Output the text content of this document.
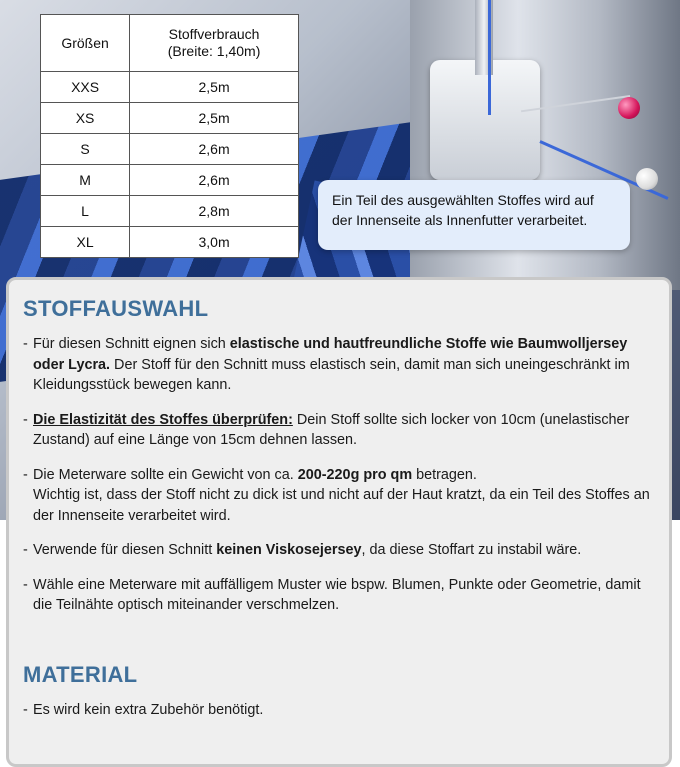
Größen	Stoffverbrauch
(Breite: 1,40m)
XXS	2,5m
XS	2,5m
S	2,6m
M	2,6m
L	2,8m
XL	3,0m
Ein Teil des ausgewählten Stoffes wird auf der Innenseite als Innenfutter verarbeitet.
STOFFAUSWAHL
- Für diesen Schnitt eignen sich elastische und hautfreundliche Stoffe wie Baumwolljersey oder Lycra. Der Stoff für den Schnitt muss elastisch sein, damit man sich uneingeschränkt im Kleidungsstück bewegen kann.
- Die Elastizität des Stoffes überprüfen: Dein Stoff sollte sich locker von 10cm (unelastischer Zustand) auf eine Länge von 15cm dehnen lassen.
- Die Meterware sollte ein Gewicht von ca. 200-220g pro qm betragen.
Wichtig ist, dass der Stoff nicht zu dick ist und nicht auf der Haut kratzt, da ein Teil des Stoffes an der Innenseite verarbeitet wird.
- Verwende für diesen Schnitt keinen Viskosejersey, da diese Stoffart zu instabil wäre.
- Wähle eine Meterware mit auffälligem Muster wie bspw. Blumen, Punkte oder Geometrie, damit die Teilnähte optisch miteinander verschmelzen.
MATERIAL
- Es wird kein extra Zubehör benötigt.
